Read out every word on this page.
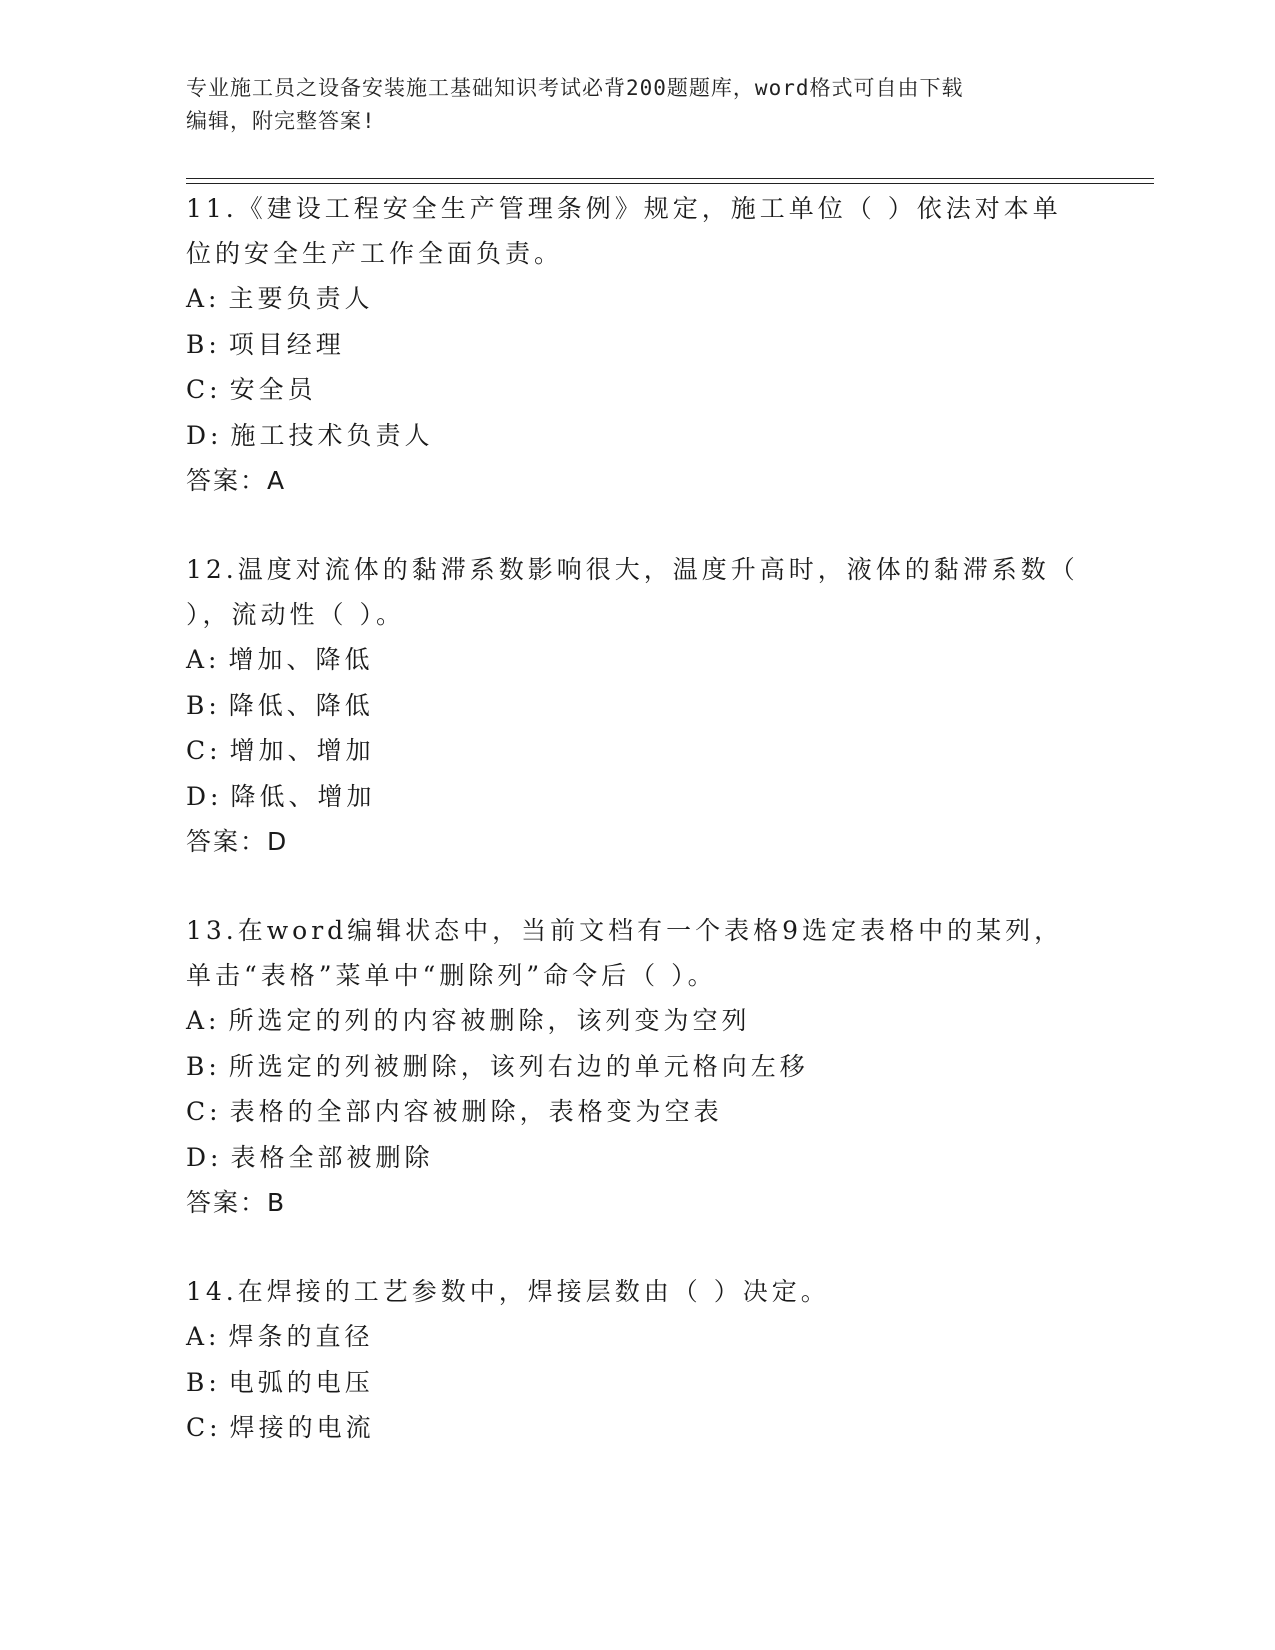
专业施工员之设备安装施工基础知识考试必背200题题库，word格式可自由下载
编辑，附完整答案!
11.《建设工程安全生产管理条例》规定，施工单位（ ）依法对本单
位的安全生产工作全面负责。
A: 主要负责人
B: 项目经理
C: 安全员
D: 施工技术负责人
答案：A
12.温度对流体的黏滞系数影响很大，温度升高时，液体的黏滞系数（
），流动性（ ）。
A: 增加、降低
B: 降低、降低
C: 增加、增加
D: 降低、增加
答案：D
13.在word编辑状态中，当前文档有一个表格9选定表格中的某列，
单击“表格”菜单中“删除列”命令后（ ）。
A: 所选定的列的内容被删除，该列变为空列
B: 所选定的列被删除，该列右边的单元格向左移
C: 表格的全部内容被删除，表格变为空表
D: 表格全部被删除
答案：B
14.在焊接的工艺参数中，焊接层数由（ ）决定。
A: 焊条的直径
B: 电弧的电压
C: 焊接的电流
